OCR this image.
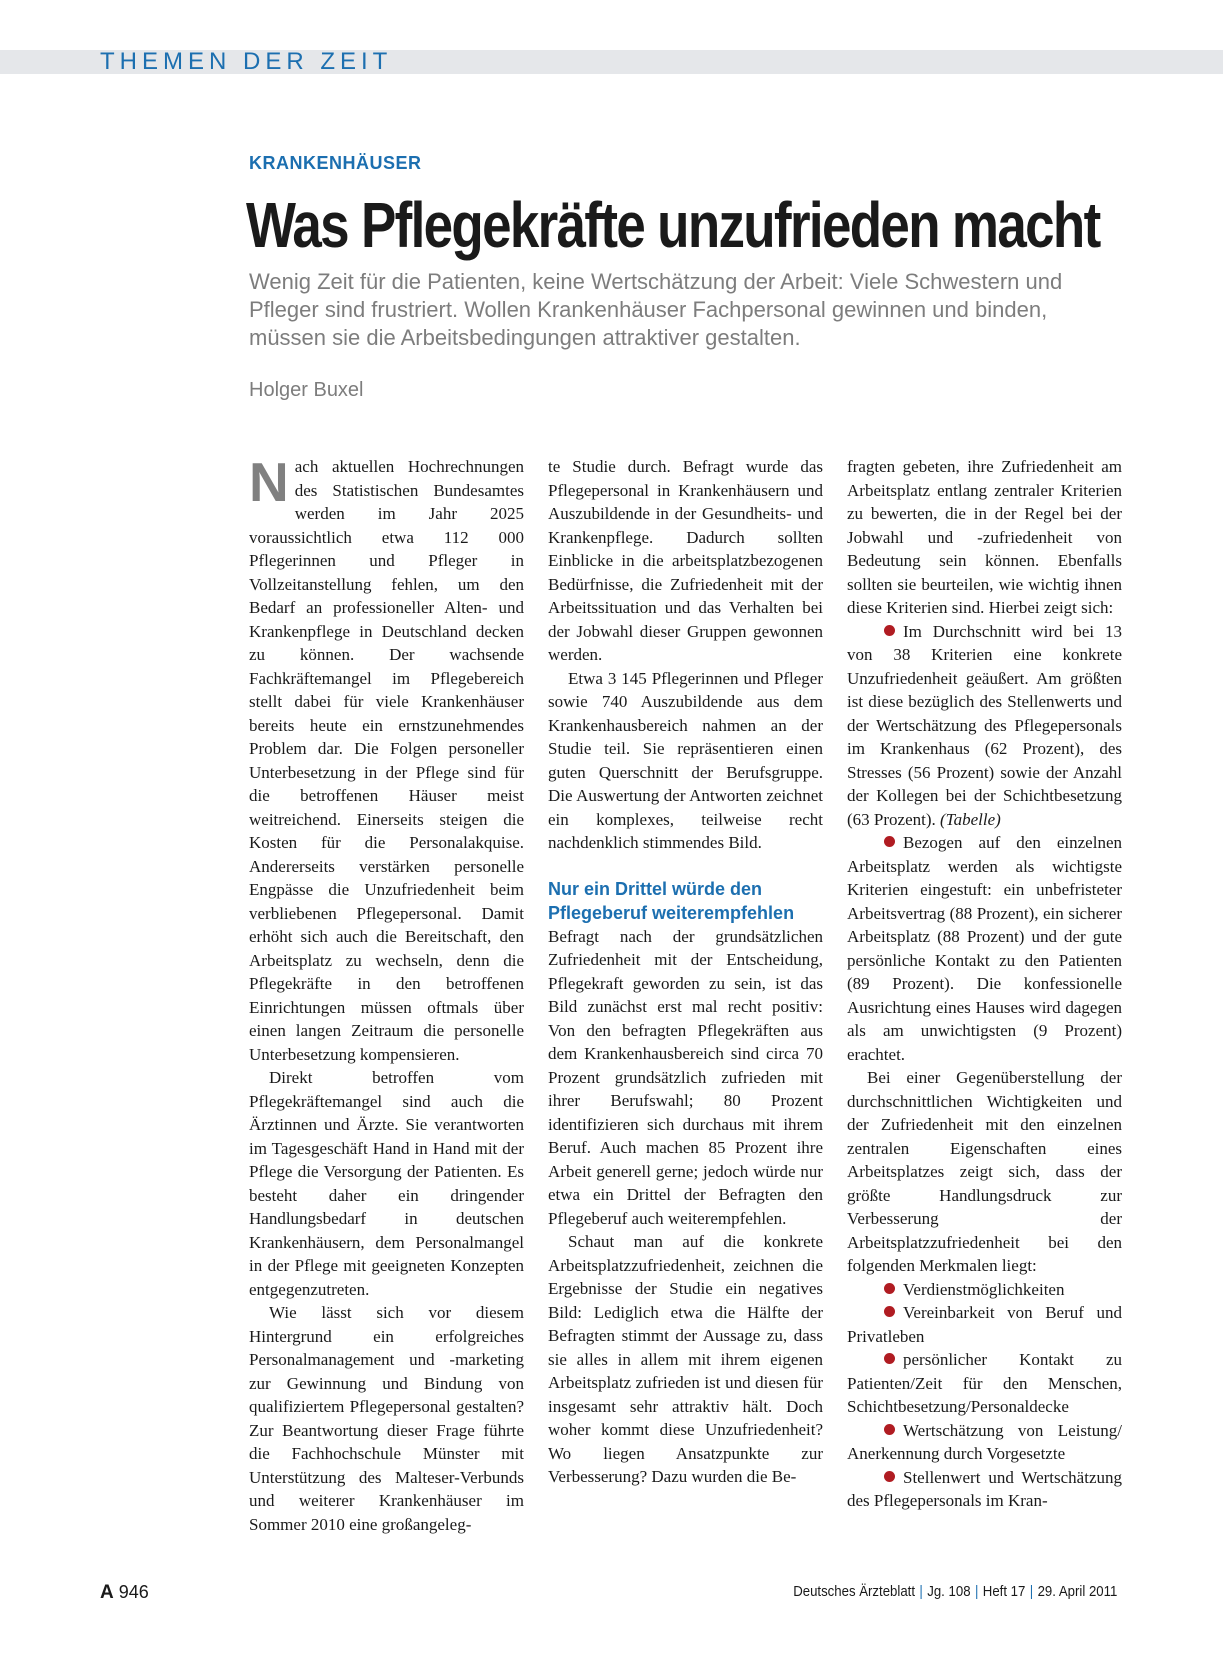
THEMEN DER ZEIT
KRANKENHÄUSER
Was Pflegekräfte unzufrieden macht

Wenig Zeit für die Patienten, keine Wertschätzung der Arbeit: Viele Schwestern und Pfleger sind frustriert. Wollen Krankenhäuser Fachpersonal gewinnen und binden, müssen sie die Arbeitsbedingungen attraktiver gestalten.

Holger Buxel

Nach aktuellen Hochrechnungen des Statistischen Bundesamtes werden im Jahr 2025 voraussichtlich etwa 112 000 Pflegerinnen und Pfleger in Vollzeitanstellung fehlen, um den Bedarf an professioneller Alten- und Krankenpflege in Deutschland decken zu können. Der wachsende Fachkräftemangel im Pflegebereich stellt dabei für viele Krankenhäuser bereits heute ein ernstzunehmendes Problem dar. Die Folgen personeller Unterbesetzung in der Pflege sind für die betroffenen Häuser meist weitreichend. Einerseits steigen die Kosten für die Personalakquise. Andererseits verstärken personelle Engpässe die Unzufriedenheit beim verbliebenen Pflegepersonal. Damit erhöht sich auch die Bereitschaft, den Arbeitsplatz zu wechseln, denn die Pflegekräfte in den betroffenen Einrichtungen müssen oftmals über einen langen Zeitraum die personelle Unterbesetzung kompensieren.

Direkt betroffen vom Pflegekräftemangel sind auch die Ärztinnen und Ärzte. Sie verantworten im Tagesgeschäft Hand in Hand mit der Pflege die Versorgung der Patienten. Es besteht daher ein dringender Handlungsbedarf in deutschen Krankenhäusern, dem Personalmangel in der Pflege mit geeigneten Konzepten entgegenzutreten.

Wie lässt sich vor diesem Hintergrund ein erfolgreiches Personalmanagement und -marketing zur Gewinnung und Bindung von qualifiziertem Pflegepersonal gestalten? Zur Beantwortung dieser Frage führte die Fachhochschule Münster mit Unterstützung des Malteser-Verbunds und weiterer Krankenhäuser im Sommer 2010 eine großangeleg-

te Studie durch. Befragt wurde das Pflegepersonal in Krankenhäusern und Auszubildende in der Gesundheits- und Krankenpflege. Dadurch sollten Einblicke in die arbeitsplatzbezogenen Bedürfnisse, die Zufriedenheit mit der Arbeitssituation und das Verhalten bei der Jobwahl dieser Gruppen gewonnen werden.

Etwa 3 145 Pflegerinnen und Pfleger sowie 740 Auszubildende aus dem Krankenhausbereich nahmen an der Studie teil. Sie repräsentieren einen guten Querschnitt der Berufsgruppe. Die Auswertung der Antworten zeichnet ein komplexes, teilweise recht nachdenklich stimmendes Bild.

Nur ein Drittel würde den
Pflegeberuf weiterempfehlen

Befragt nach der grundsätzlichen Zufriedenheit mit der Entscheidung, Pflegekraft geworden zu sein, ist das Bild zunächst erst mal recht positiv: Von den befragten Pflegekräften aus dem Krankenhausbereich sind circa 70 Prozent grundsätzlich zufrieden mit ihrer Berufswahl; 80 Prozent identifizieren sich durchaus mit ihrem Beruf. Auch machen 85 Prozent ihre Arbeit generell gerne; jedoch würde nur etwa ein Drittel der Befragten den Pflegeberuf auch weiterempfehlen.

Schaut man auf die konkrete Arbeitsplatzzufriedenheit, zeichnen die Ergebnisse der Studie ein negatives Bild: Lediglich etwa die Hälfte der Befragten stimmt der Aussage zu, dass sie alles in allem mit ihrem eigenen Arbeitsplatz zufrieden ist und diesen für insgesamt sehr attraktiv hält. Doch woher kommt diese Unzufriedenheit? Wo liegen Ansatzpunkte zur Verbesserung? Dazu wurden die Be-

fragten gebeten, ihre Zufriedenheit am Arbeitsplatz entlang zentraler Kriterien zu bewerten, die in der Regel bei der Jobwahl und -zufriedenheit von Bedeutung sein können. Ebenfalls sollten sie beurteilen, wie wichtig ihnen diese Kriterien sind. Hierbei zeigt sich:

Im Durchschnitt wird bei 13 von 38 Kriterien eine konkrete Unzufriedenheit geäußert. Am größten ist diese bezüglich des Stellenwerts und der Wertschätzung des Pflegepersonals im Krankenhaus (62 Prozent), des Stresses (56 Prozent) sowie der Anzahl der Kollegen bei der Schichtbesetzung (63 Prozent). (Tabelle)

Bezogen auf den einzelnen Arbeitsplatz werden als wichtigste Kriterien eingestuft: ein unbefristeter Arbeitsvertrag (88 Prozent), ein sicherer Arbeitsplatz (88 Prozent) und der gute persönliche Kontakt zu den Patienten (89 Prozent). Die konfessionelle Ausrichtung eines Hauses wird dagegen als am unwichtigsten (9 Prozent) erachtet.

Bei einer Gegenüberstellung der durchschnittlichen Wichtigkeiten und der Zufriedenheit mit den einzelnen zentralen Eigenschaften eines Arbeitsplatzes zeigt sich, dass der größte Handlungsdruck zur Verbesserung der Arbeitsplatzzufriedenheit bei den folgenden Merkmalen liegt:

Verdienstmöglichkeiten

Vereinbarkeit von Beruf und Privatleben

persönlicher Kontakt zu Patienten/Zeit für den Menschen, Schichtbesetzung/Personaldecke

Wertschätzung von Leistung/ Anerkennung durch Vorgesetzte

Stellenwert und Wertschätzung des Pflegepersonals im Kran-

A 946	Deutsches Ärzteblatt | Jg. 108 | Heft 17 | 29. April 2011
